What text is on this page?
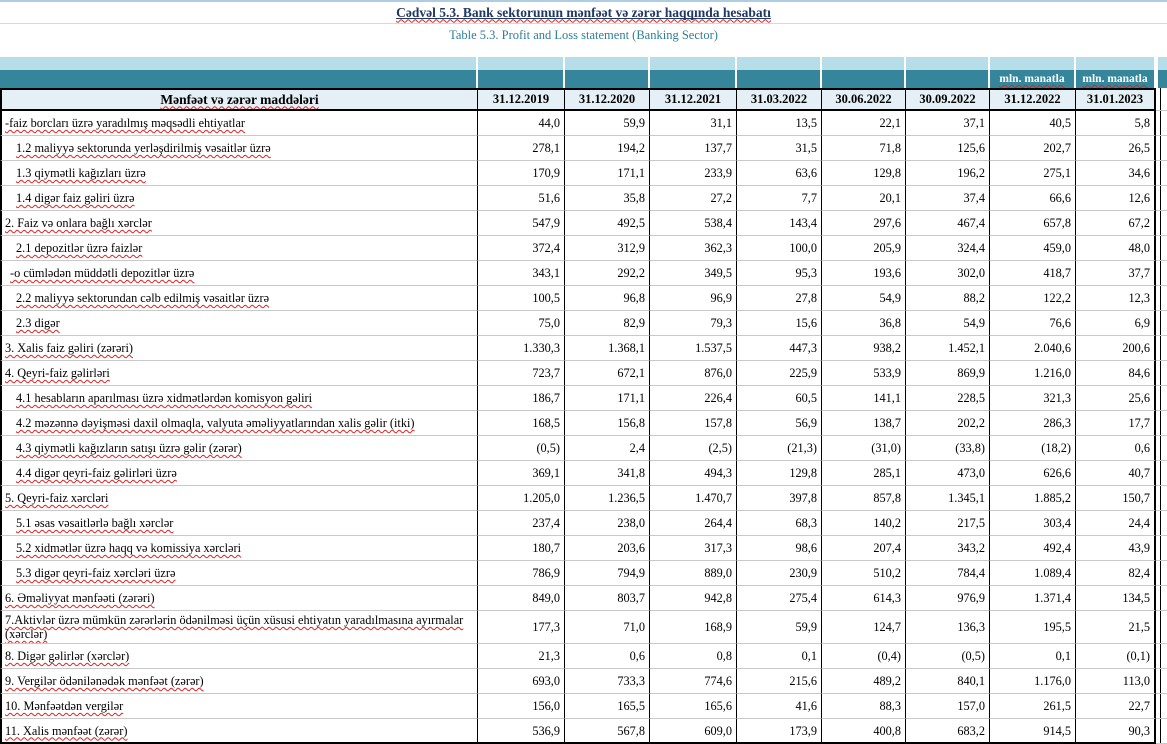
Cədvəl 5.3. Bank sektorunun mənfəət və zərər haqqında hesabatı
Table 5.3. Profit and Loss statement (Banking Sector)
mln. manatla mln. manatla
Mənfəət və zərər maddələri	31.12.2019	31.12.2020	31.12.2021	31.03.2022	30.06.2022	30.09.2022	31.12.2022	31.01.2023
-faiz borcları üzrə yaradılmış məqsədli ehtiyatlar	44,0	59,9	31,1	13,5	22,1	37,1	40,5	5,8
1.2 maliyyə sektorunda yerləşdirilmiş vəsaitlər üzrə	278,1	194,2	137,7	31,5	71,8	125,6	202,7	26,5
1.3 qiymətli kağızları üzrə	170,9	171,1	233,9	63,6	129,8	196,2	275,1	34,6
1.4 digər faiz gəliri üzrə	51,6	35,8	27,2	7,7	20,1	37,4	66,6	12,6
2. Faiz və onlara bağlı xərclər	547,9	492,5	538,4	143,4	297,6	467,4	657,8	67,2
2.1 depozitlər üzrə faizlər	372,4	312,9	362,3	100,0	205,9	324,4	459,0	48,0
-o cümlədən müddətli depozitlər üzrə	343,1	292,2	349,5	95,3	193,6	302,0	418,7	37,7
2.2 maliyyə sektorundan cəlb edilmiş vəsaitlər üzrə	100,5	96,8	96,9	27,8	54,9	88,2	122,2	12,3
2.3 digər	75,0	82,9	79,3	15,6	36,8	54,9	76,6	6,9
3. Xalis faiz gəliri (zərəri)	1.330,3	1.368,1	1.537,5	447,3	938,2	1.452,1	2.040,6	200,6
4. Qeyri-faiz gəlirləri	723,7	672,1	876,0	225,9	533,9	869,9	1.216,0	84,6
4.1 hesabların aparılması üzrə xidmətlərdən komisyon gəliri	186,7	171,1	226,4	60,5	141,1	228,5	321,3	25,6
4.2 məzənnə dəyişməsi daxil olmaqla, valyuta əməliyyatlarından xalis gəlir (itki)	168,5	156,8	157,8	56,9	138,7	202,2	286,3	17,7
4.3 qiymətli kağızların satışı üzrə gəlir (zərər)	(0,5)	2,4	(2,5)	(21,3)	(31,0)	(33,8)	(18,2)	0,6
4.4 digər qeyri-faiz gəlirləri üzrə	369,1	341,8	494,3	129,8	285,1	473,0	626,6	40,7
5. Qeyri-faiz xərcləri	1.205,0	1.236,5	1.470,7	397,8	857,8	1.345,1	1.885,2	150,7
5.1 əsas vəsaitlərlə bağlı xərclər	237,4	238,0	264,4	68,3	140,2	217,5	303,4	24,4
5.2 xidmətlər üzrə haqq və komissiya xərcləri	180,7	203,6	317,3	98,6	207,4	343,2	492,4	43,9
5.3 digər qeyri-faiz xərcləri üzrə	786,9	794,9	889,0	230,9	510,2	784,4	1.089,4	82,4
6. Əməliyyat mənfəəti (zərəri)	849,0	803,7	942,8	275,4	614,3	976,9	1.371,4	134,5
7.Aktivlər üzrə mümkün zərərlərin ödənilməsi üçün xüsusi ehtiyatın yaradılmasına ayırmalar (xərclər)	177,3	71,0	168,9	59,9	124,7	136,3	195,5	21,5
8. Digər gəlirlər (xərclər)	21,3	0,6	0,8	0,1	(0,4)	(0,5)	0,1	(0,1)
9. Vergilər ödənilənədək mənfəət (zərər)	693,0	733,3	774,6	215,6	489,2	840,1	1.176,0	113,0
10. Mənfəətdən vergilər	156,0	165,5	165,6	41,6	88,3	157,0	261,5	22,7
11. Xalis mənfəət (zərər)	536,9	567,8	609,0	173,9	400,8	683,2	914,5	90,3
